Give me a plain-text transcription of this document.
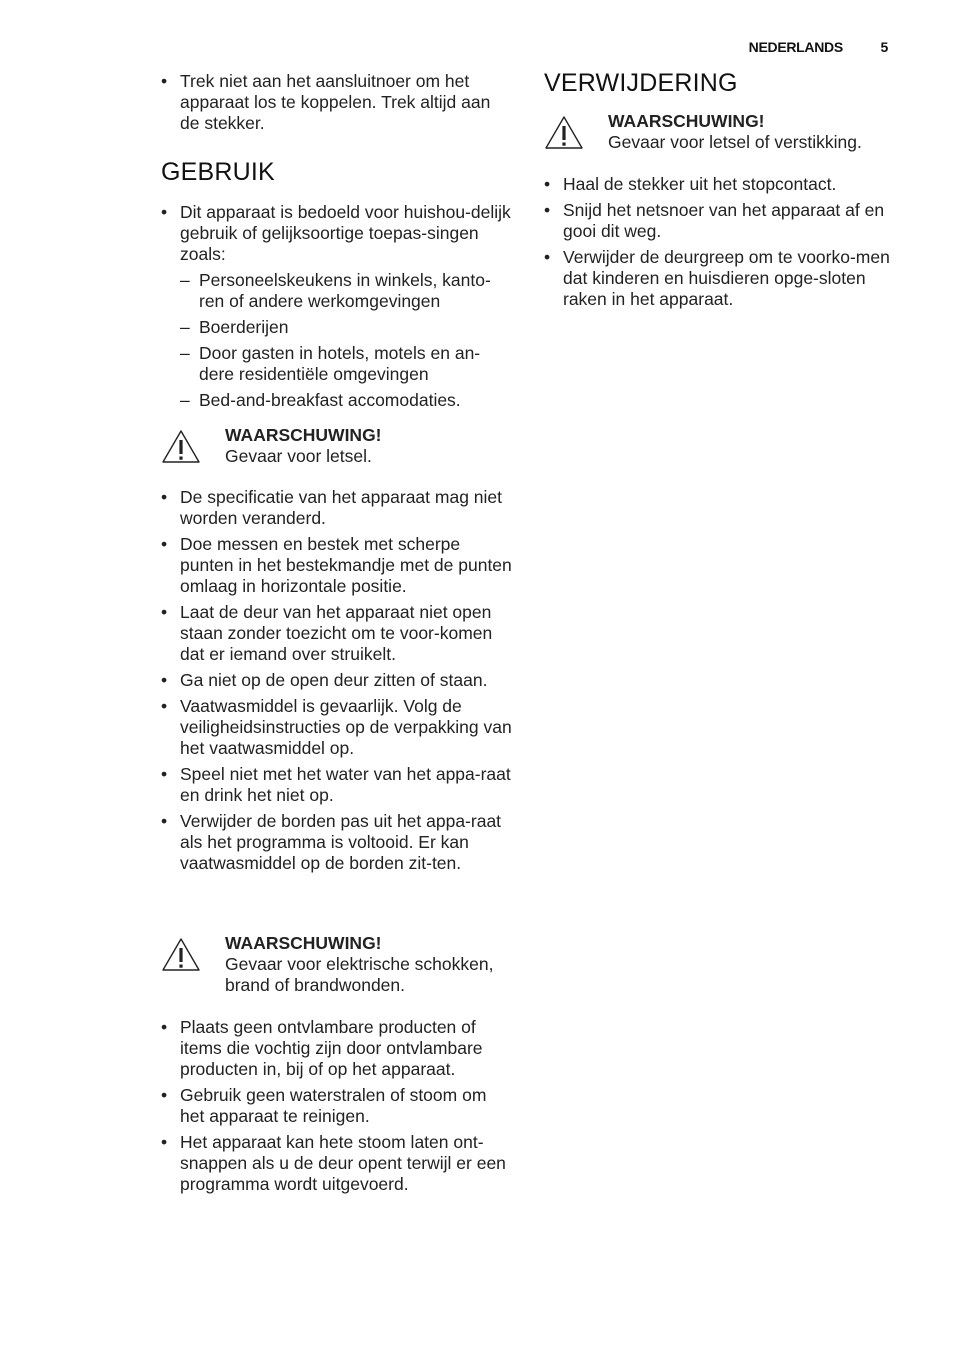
NEDERLANDS	5
• Trek niet aan het aansluitnoer om het apparaat los te koppelen. Trek altijd aan de stekker.
GEBRUIK
• Dit apparaat is bedoeld voor huishou-delijk gebruik of gelijksoortige toepas-singen zoals:
– Personeelskeukens in winkels, kanto-ren of andere werkomgevingen
– Boerderijen
– Door gasten in hotels, motels en an-dere residentiële omgevingen
– Bed-and-breakfast accomodaties.
WAARSCHUWING!
Gevaar voor letsel.
• De specificatie van het apparaat mag niet worden veranderd.
• Doe messen en bestek met scherpe punten in het bestekmandje met de punten omlaag in horizontale positie.
• Laat de deur van het apparaat niet open staan zonder toezicht om te voor-komen dat er iemand over struikelt.
• Ga niet op de open deur zitten of staan.
• Vaatwasmiddel is gevaarlijk. Volg de veiligheidsinstructies op de verpakking van het vaatwasmiddel op.
• Speel niet met het water van het appa-raat en drink het niet op.
• Verwijder de borden pas uit het appa-raat als het programma is voltooid. Er kan vaatwasmiddel op de borden zit-ten.
WAARSCHUWING!
Gevaar voor elektrische schokken, brand of brandwonden.
• Plaats geen ontvlambare producten of items die vochtig zijn door ontvlambare producten in, bij of op het apparaat.
• Gebruik geen waterstralen of stoom om het apparaat te reinigen.
• Het apparaat kan hete stoom laten ont-snappen als u de deur opent terwijl er een programma wordt uitgevoerd.
VERWIJDERING
WAARSCHUWING!
Gevaar voor letsel of verstikking.
• Haal de stekker uit het stopcontact.
• Snijd het netsnoer van het apparaat af en gooi dit weg.
• Verwijder de deurgreep om te voorko-men dat kinderen en huisdieren opge-sloten raken in het apparaat.
